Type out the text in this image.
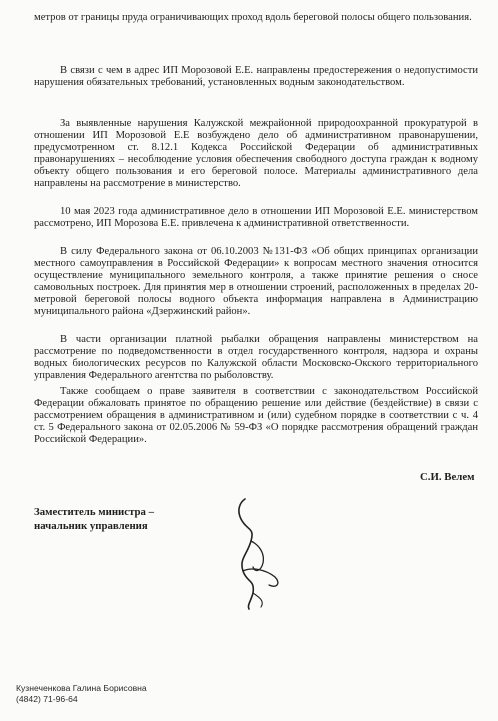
метров от границы пруда ограничивающих проход вдоль береговой полосы общего пользования.

В связи с чем в адрес ИП Морозовой Е.Е. направлены предостережения о недопустимости нарушения обязательных требований, установленных водным законодательством.

За выявленные нарушения Калужской межрайонной природоохранной прокуратурой в отношении ИП Морозовой Е.Е возбуждено дело об административном правонарушении, предусмотренном ст. 8.12.1 Кодекса Российской Федерации об административных правонарушениях – несоблюдение условия обеспечения свободного доступа граждан к водному объекту общего пользования и его береговой полосе. Материалы административного дела направлены на рассмотрение в министерство.

10 мая 2023 года административное дело в отношении ИП Морозовой Е.Е. министерством рассмотрено, ИП Морозова Е.Е. привлечена к административной ответственности.

В силу Федерального закона от 06.10.2003 №131-ФЗ «Об общих принципах организации местного самоуправления в Российской Федерации» к вопросам местного значения относится осуществление муниципального земельного контроля, а также принятие решения о сносе самовольных построек. Для принятия мер в отношении строений, расположенных в пределах 20-метровой береговой полосы водного объекта информация направлена в Администрацию муниципального района «Дзержинский район».

В части организации платной рыбалки обращения направлены министерством на рассмотрение по подведомственности в отдел государственного контроля, надзора и охраны водных биологических ресурсов по Калужской области Московско-Окского территориального управления Федерального агентства по рыболовству.

Также сообщаем о праве заявителя в соответствии с законодательством Российской Федерации обжаловать принятое по обращению решение или действие (бездействие) в связи с рассмотрением обращения в административном и (или) судебном порядке в соответствии с ч. 4 ст. 5 Федерального закона от 02.05.2006 № 59-ФЗ «О порядке рассмотрения обращений граждан Российской Федерации».

Заместитель министра –
начальник управления
С.И. Велем
Кузнеченкова Галина Борисовна
(4842) 71-96-64
